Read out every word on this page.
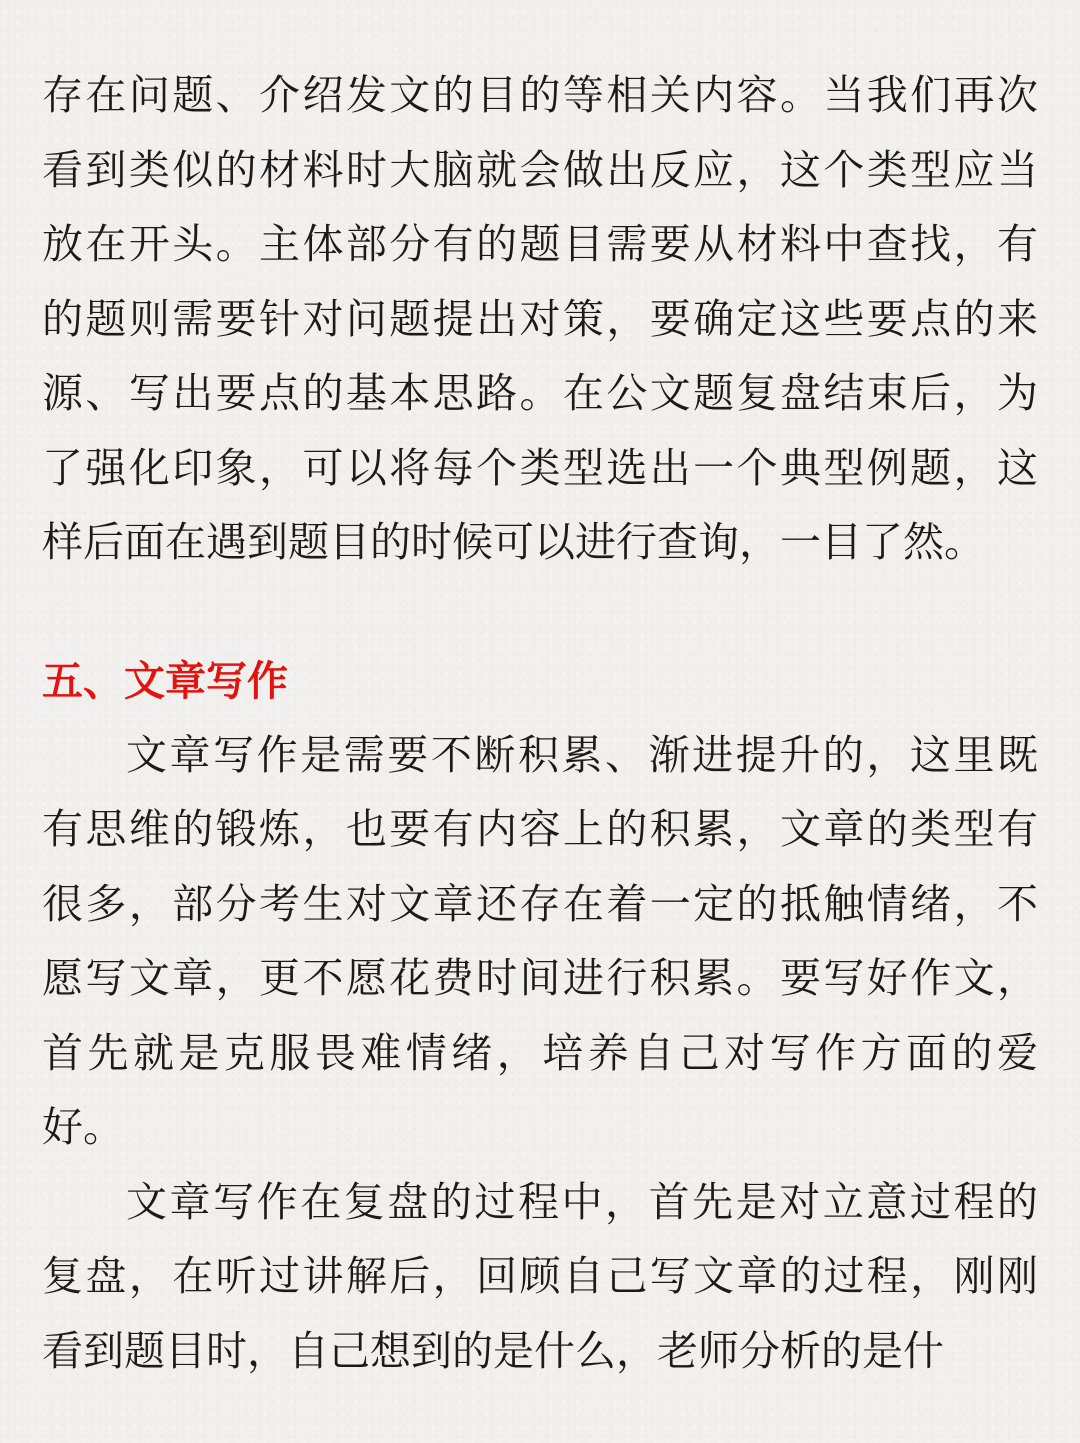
存在问题、介绍发文的目的等相关内容。当我们再次
看到类似的材料时大脑就会做出反应，这个类型应当
放在开头。主体部分有的题目需要从材料中查找，有
的题则需要针对问题提出对策，要确定这些要点的来
源、写出要点的基本思路。在公文题复盘结束后，为
了强化印象，可以将每个类型选出一个典型例题，这
样后面在遇到题目的时候可以进行查询，一目了然。
五、文章写作
文章写作是需要不断积累、渐进提升的，这里既
有思维的锻炼，也要有内容上的积累，文章的类型有
很多，部分考生对文章还存在着一定的抵触情绪，不
愿写文章，更不愿花费时间进行积累。要写好作文，
首先就是克服畏难情绪，培养自己对写作方面的爱
好。
文章写作在复盘的过程中，首先是对立意过程的
复盘，在听过讲解后，回顾自己写文章的过程，刚刚
看到题目时，自己想到的是什么，老师分析的是什
